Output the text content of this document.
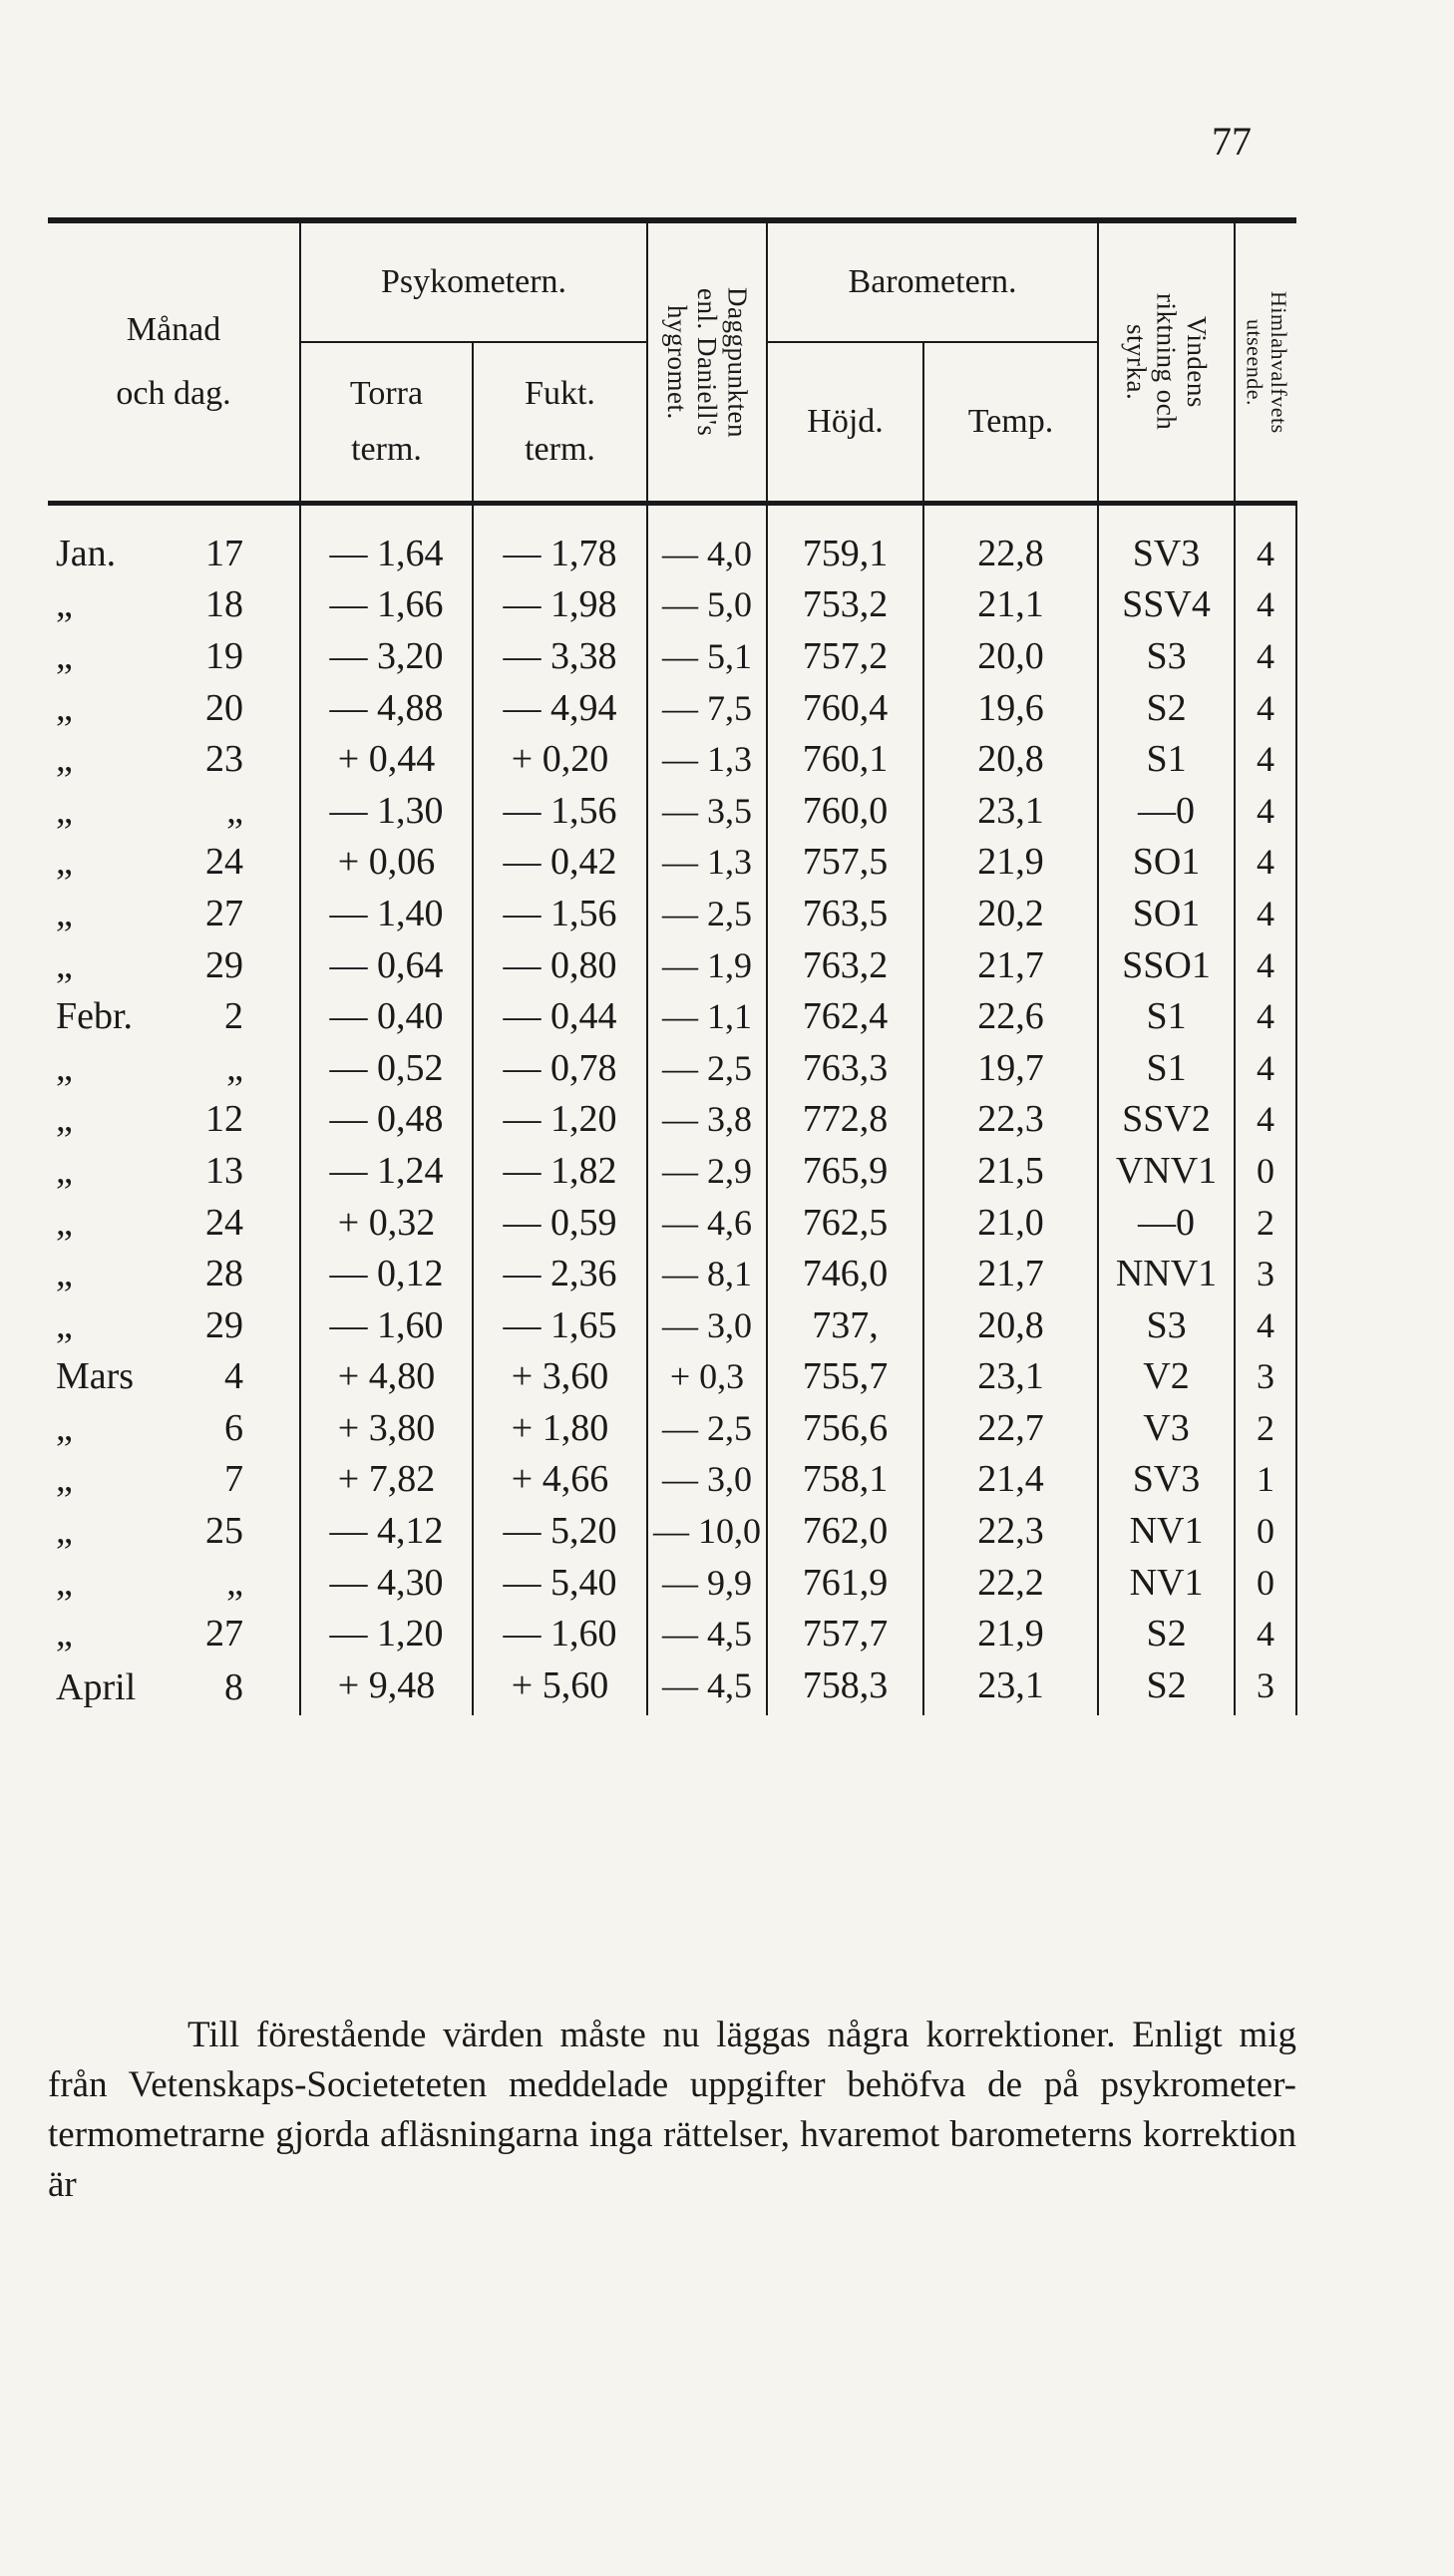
77
Månad
och dag.	Psykometern.		Daggpunkten
enl. Daniell's
hygromet.	Barometern.		Vindens
riktning och
styrka.	Himlahvalfvets
utseende.

	Torra
term.	Fukt.
term.		Höjd.	Temp.		

Jan. 17	— 1,64	— 1,78	— 4,0	759,1	22,8	SV3	4

„ 18	— 1,66	— 1,98	— 5,0	753,2	21,1	SSV4	4

„ 19	— 3,20	— 3,38	— 5,1	757,2	20,0	S3	4

„ 20	— 4,88	— 4,94	— 7,5	760,4	19,6	S2	4

„ 23	+ 0,44	+ 0,20	— 1,3	760,1	20,8	S1	4

„ „	— 1,30	— 1,56	— 3,5	760,0	23,1	—0	4

„ 24	+ 0,06	— 0,42	— 1,3	757,5	21,9	SO1	4

„ 27	— 1,40	— 1,56	— 2,5	763,5	20,2	SO1	4

„ 29	— 0,64	— 0,80	— 1,9	763,2	21,7	SSO1	4

Febr. 2	— 0,40	— 0,44	— 1,1	762,4	22,6	S1	4

„ „	— 0,52	— 0,78	— 2,5	763,3	19,7	S1	4

„ 12	— 0,48	— 1,20	— 3,8	772,8	22,3	SSV2	4

„ 13	— 1,24	— 1,82	— 2,9	765,9	21,5	VNV1	0

„ 24	+ 0,32	— 0,59	— 4,6	762,5	21,0	—0	2

„ 28	— 0,12	— 2,36	— 8,1	746,0	21,7	NNV1	3

„ 29	— 1,60	— 1,65	— 3,0	737,	20,8	S3	4

Mars 4	+ 4,80	+ 3,60	+ 0,3	755,7	23,1	V2	3

„ 6	+ 3,80	+ 1,80	— 2,5	756,6	22,7	V3	2

„ 7	+ 7,82	+ 4,66	— 3,0	758,1	21,4	SV3	1

„ 25	— 4,12	— 5,20	— 10,0	762,0	22,3	NV1	0

„ „	— 4,30	— 5,40	— 9,9	761,9	22,2	NV1	0

„ 27	— 1,20	— 1,60	— 4,5	757,7	21,9	S2	4

April 8	+ 9,48	+ 5,60	— 4,5	758,3	23,1	S2	3

Till förestående värden måste nu läggas några korrektioner. Enligt mig från Vetenskaps-Societeteten meddelade uppgifter behöfva de på psykrometer-termometrarne gjorda afläsningarna inga rättelser, hvaremot barometerns korrektion är
